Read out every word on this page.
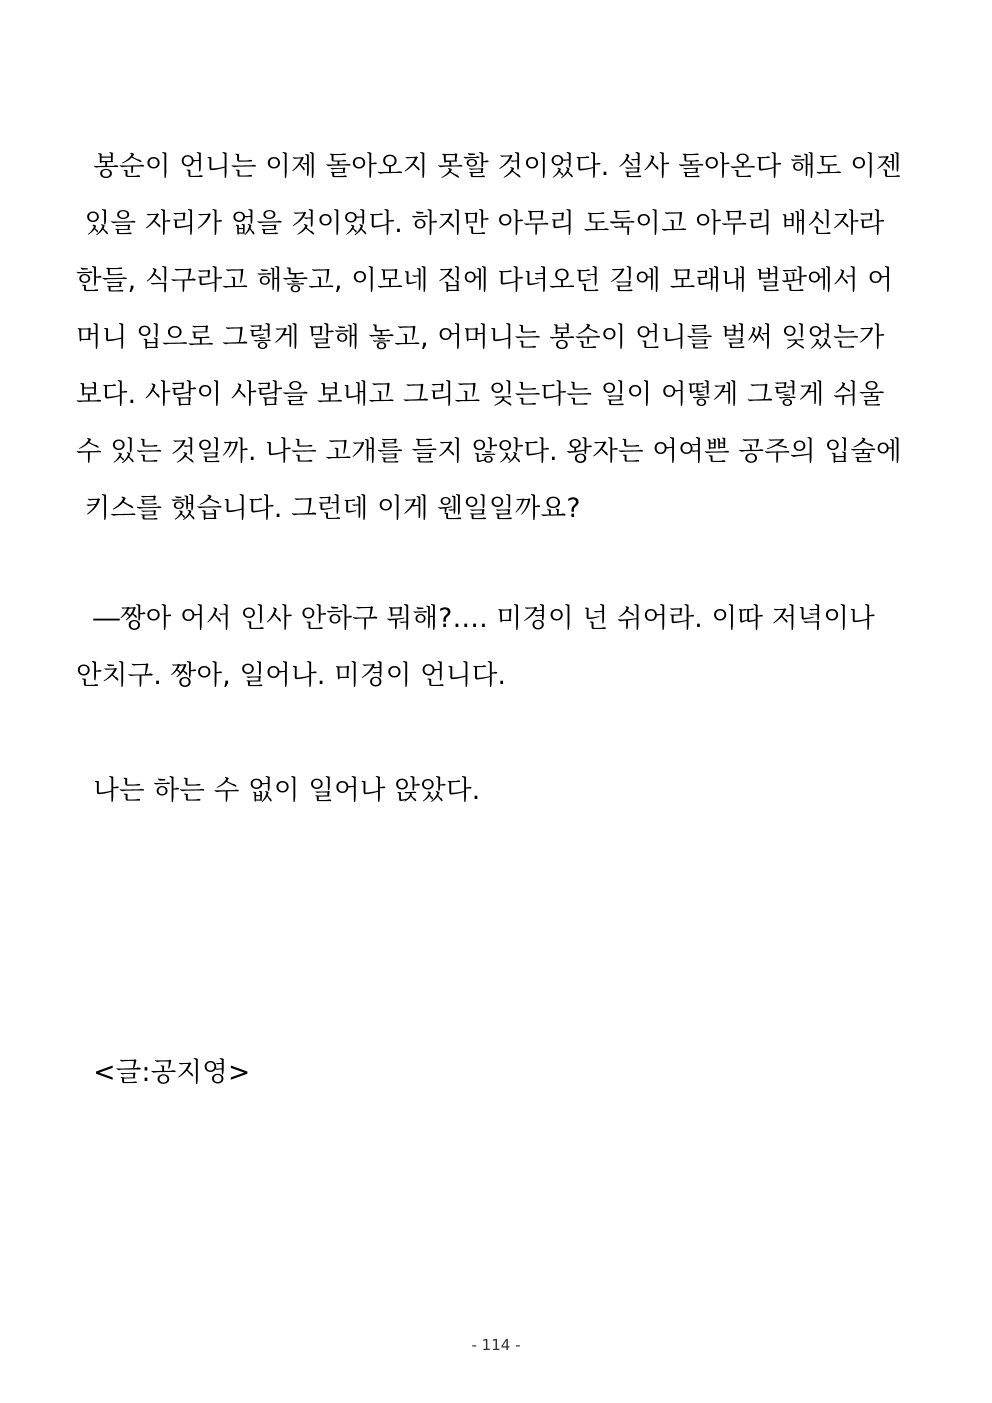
봉순이 언니는 이제 돌아오지 못할 것이었다. 설사 돌아온다 해도 이젠
있을 자리가 없을 것이었다. 하지만 아무리 도둑이고 아무리 배신자라
한들, 식구라고 해놓고, 이모네 집에 다녀오던 길에 모래내 벌판에서 어
머니 입으로 그렇게 말해 놓고, 어머니는 봉순이 언니를 벌써 잊었는가
보다. 사람이 사람을 보내고 그리고 잊는다는 일이 어떻게 그렇게 쉬울
수 있는 것일까. 나는 고개를 들지 않았다. 왕자는 어여쁜 공주의 입술에
키스를 했습니다. 그런데 이게 웬일일까요?
―짱아 어서 인사 안하구 뭐해?…. 미경이 넌 쉬어라. 이따 저녁이나
안치구. 짱아, 일어나. 미경이 언니다.
나는 하는 수 없이 일어나 앉았다.
<글:공지영>
- 114 -
